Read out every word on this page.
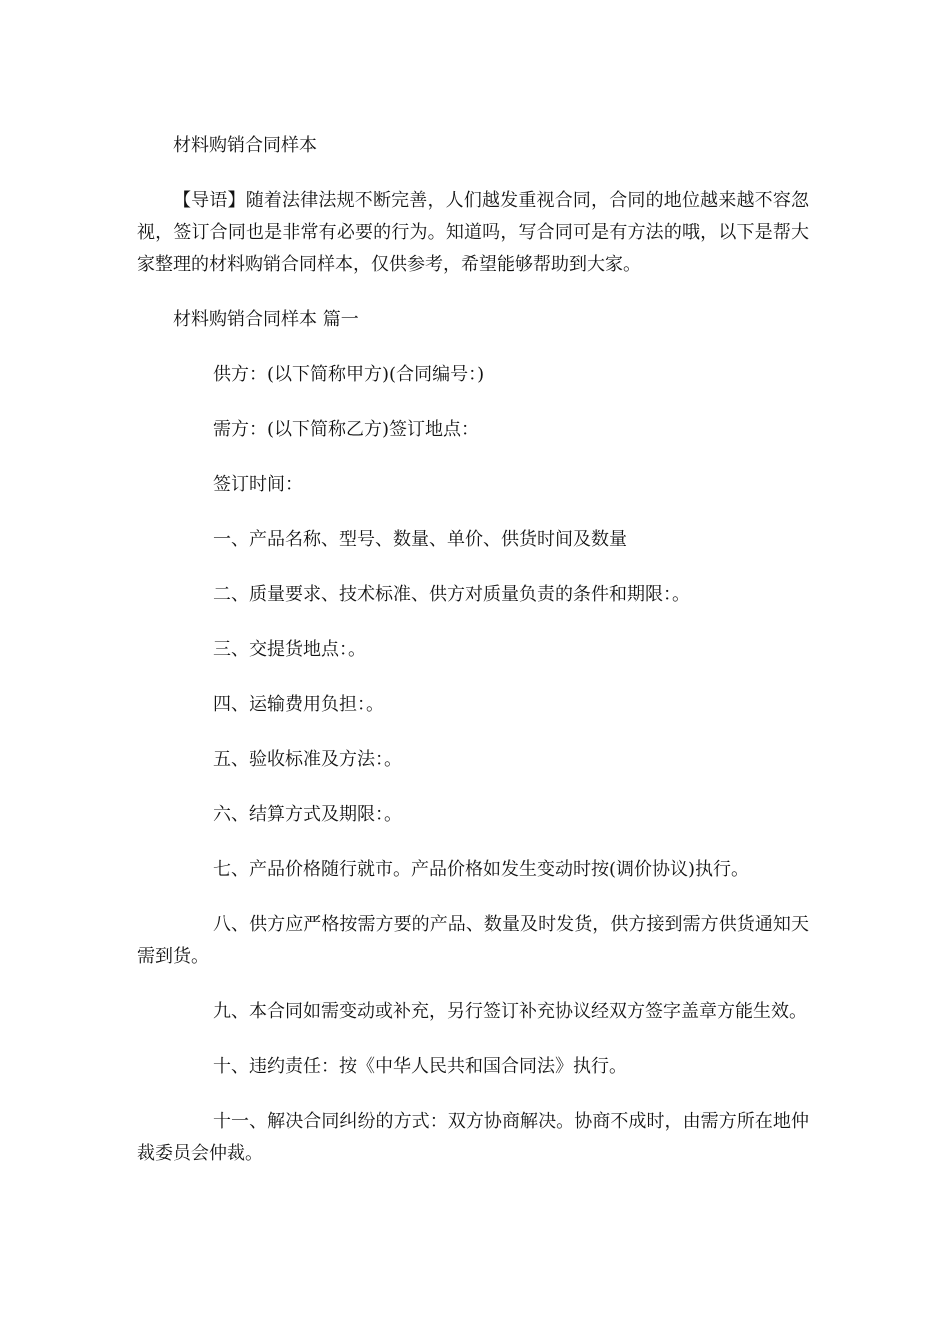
材料购销合同样本

【导语】随着法律法规不断完善，人们越发重视合同，合同的地位越来越不容忽视，签订合同也是非常有必要的行为。知道吗，写合同可是有方法的哦，以下是帮大家整理的材料购销合同样本，仅供参考，希望能够帮助到大家。

材料购销合同样本 篇一

供方：(以下简称甲方)(合同编号：)

需方：(以下简称乙方)签订地点：

签订时间：

一、产品名称、型号、数量、单价、供货时间及数量

二、质量要求、技术标准、供方对质量负责的条件和期限：。

三、交提货地点：。

四、运输费用负担：。

五、验收标准及方法：。

六、结算方式及期限：。

七、产品价格随行就市。产品价格如发生变动时按(调价协议)执行。

八、供方应严格按需方要的产品、数量及时发货，供方接到需方供货通知天需到货。

九、本合同如需变动或补充，另行签订补充协议经双方签字盖章方能生效。

十、违约责任：按《中华人民共和国合同法》执行。

十一、解决合同纠纷的方式：双方协商解决。协商不成时，由需方所在地仲裁委员会仲裁。
